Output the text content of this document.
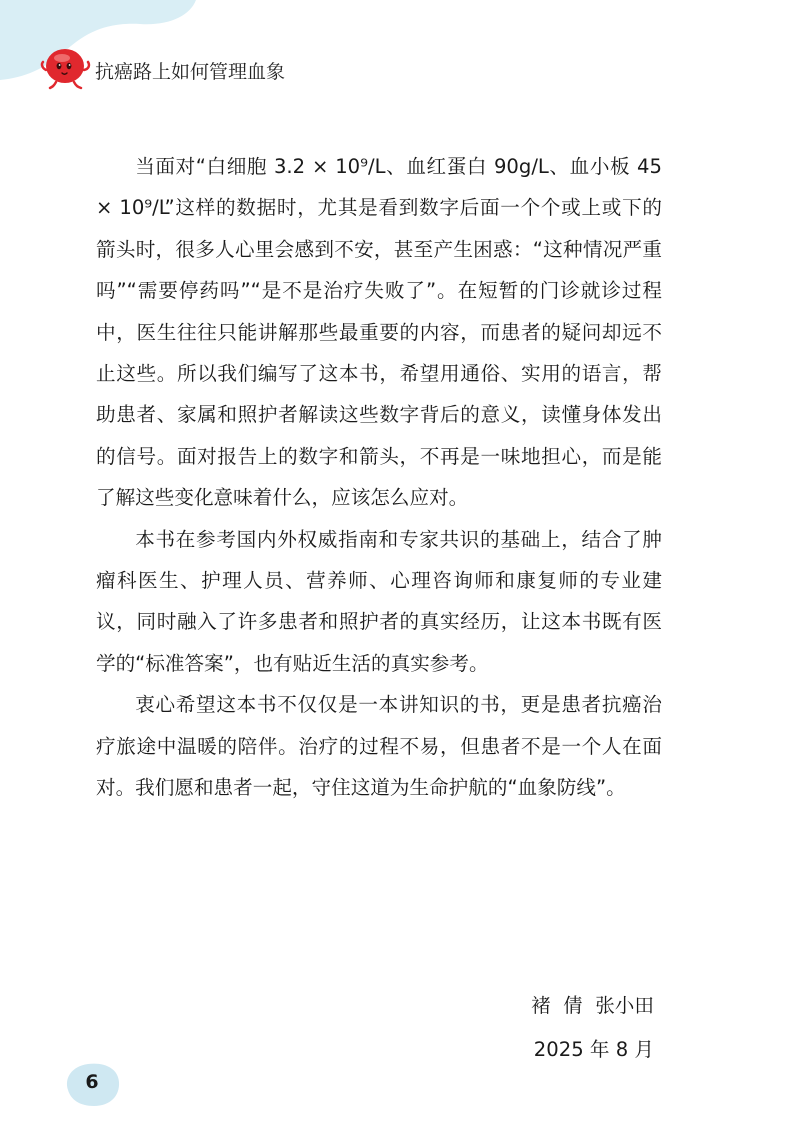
抗癌路上如何管理血象

当面对“白细胞 3.2 × 10⁹/L、血红蛋白 90g/L、血小板 45 × 10⁹/L”这样的数据时，尤其是看到数字后面一个个或上或下的箭头时，很多人心里会感到不安，甚至产生困惑：“这种情况严重吗”“需要停药吗”“是不是治疗失败了”。在短暂的门诊就诊过程中，医生往往只能讲解那些最重要的内容，而患者的疑问却远不止这些。所以我们编写了这本书，希望用通俗、实用的语言，帮助患者、家属和照护者解读这些数字背后的意义，读懂身体发出的信号。面对报告上的数字和箭头，不再是一味地担心，而是能了解这些变化意味着什么，应该怎么应对。

本书在参考国内外权威指南和专家共识的基础上，结合了肿瘤科医生、护理人员、营养师、心理咨询师和康复师的专业建议，同时融入了许多患者和照护者的真实经历，让这本书既有医学的“标准答案”，也有贴近生活的真实参考。

衷心希望这本书不仅仅是一本讲知识的书，更是患者抗癌治疗旅途中温暖的陪伴。治疗的过程不易，但患者不是一个人在面对。我们愿和患者一起，守住这道为生命护航的“血象防线”。

褚  倩  张小田
2025 年 8 月
6
